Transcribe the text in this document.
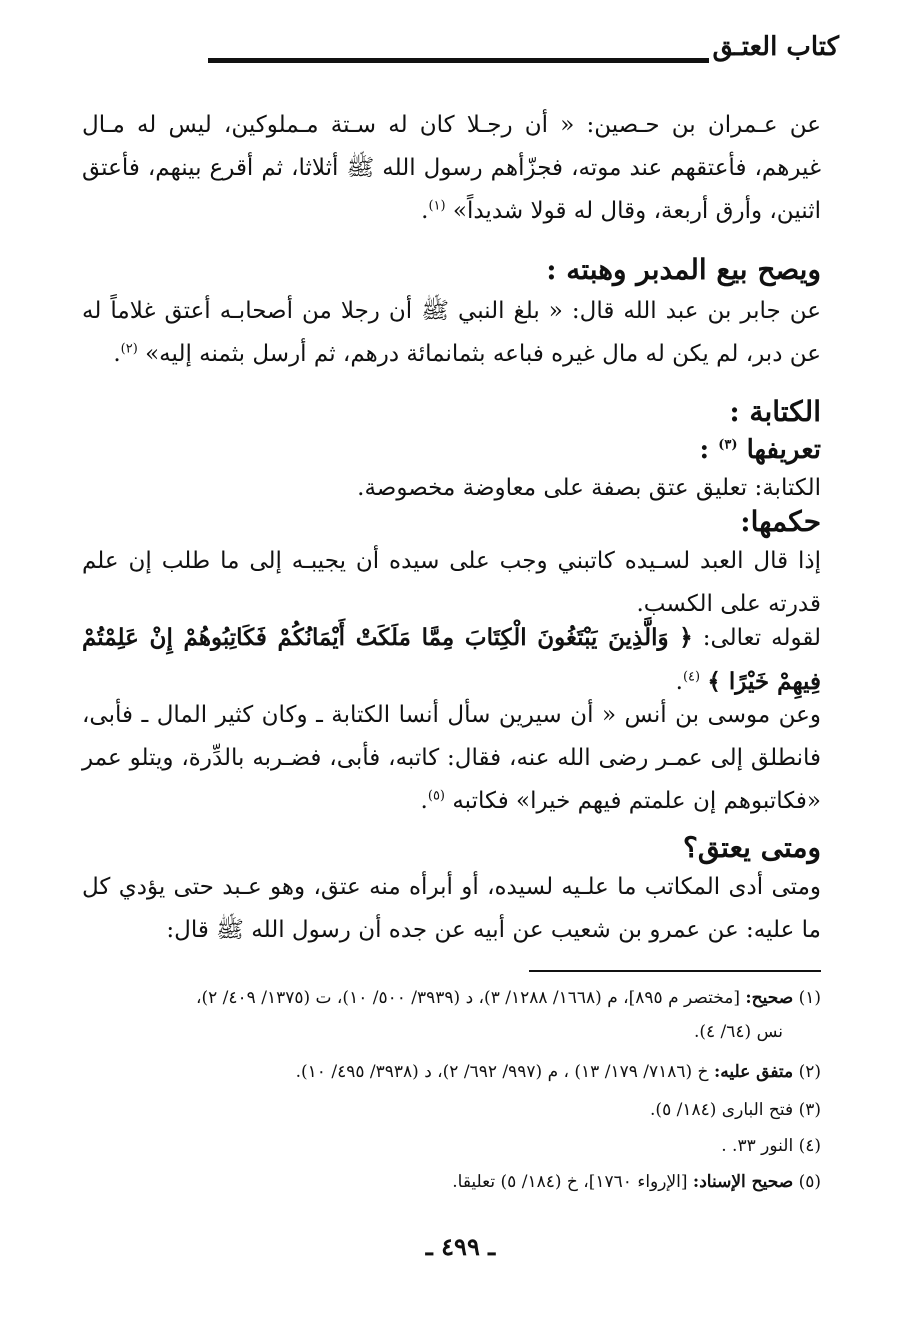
كتاب العتـق
عن عـمران بن حـصين: « أن رجـلا كان له سـتة مـملوكين، ليس له مـال غيرهم، فأعتقهم عند موته، فجزّأهم رسول الله ﷺ أثلاثا، ثم أقرع بينهم، فأعتق اثنين، وأرق أربعة، وقال له قولا شديداً» $^{(١)}$.
ويصح بيع المدبر وهبته :
عن جابر بن عبد الله قال: « بلغ النبي ﷺ أن رجلا من أصحابـه أعتق غلاماً له عن دبر، لم يكن له مال غيره فباعه بثمانمائة درهم، ثم أرسل بثمنه إليه» $^{(٢)}$.
الكتابة :
تعريفها $^{(٣)}$ :
الكتابة: تعليق عتق بصفة على معاوضة مخصوصة.
حكمها:
إذا قال العبد لسـيده كاتبني وجب على سيده أن يجيبـه إلى ما طلب إن علم قدرته على الكسب.
لقوله تعالى: ﴿ وَالَّذِينَ يَبْتَغُونَ الْكِتَابَ مِمَّا مَلَكَتْ أَيْمَانُكُمْ فَكَاتِبُوهُمْ إِنْ عَلِمْتُمْ فِيهِمْ خَيْرًا ﴾ $^{(٤)}$.
وعن موسى بن أنس « أن سيرين سأل أنسا الكتابة ـ وكان كثير المال ـ فأبى، فانطلق إلى عمـر رضى الله عنه، فقال: كاتبه، فأبى، فضـربه بالدِّرة، ويتلو عمر «فكاتبوهم إن علمتم فيهم خيرا» فكاتبه $^{(٥)}$.
ومتى يعتق؟
ومتى أدى المكاتب ما علـيه لسيده، أو أبرأه منه عتق، وهو عـبد حتى يؤدي كل ما عليه: عن عمرو بن شعيب عن أبيه عن جده أن رسول الله ﷺ قال:
(١) صحيح: [مختصر م ٨٩٥]، م (١٦٦٨/ ١٢٨٨/ ٣)، د (٣٩٣٩/ ٥٠٠/ ١٠)، ت (١٣٧٥/ ٤٠٩/ ٢)،
نس (٦٤/ ٤).
(٢) متفق عليه: خ (٧١٨٦/ ١٧٩/ ١٣) ، م (٩٩٧/ ٦٩٢/ ٢)، د (٣٩٣٨/ ٤٩٥/ ١٠).
(٣) فتح البارى (١٨٤/ ٥).
(٤) النور ٣٣. .
(٥) صحيح الإسناد: [الإرواء ١٧٦٠]، خ (١٨٤/ ٥) تعليقا.
ـ ٤٩٩ ـ
